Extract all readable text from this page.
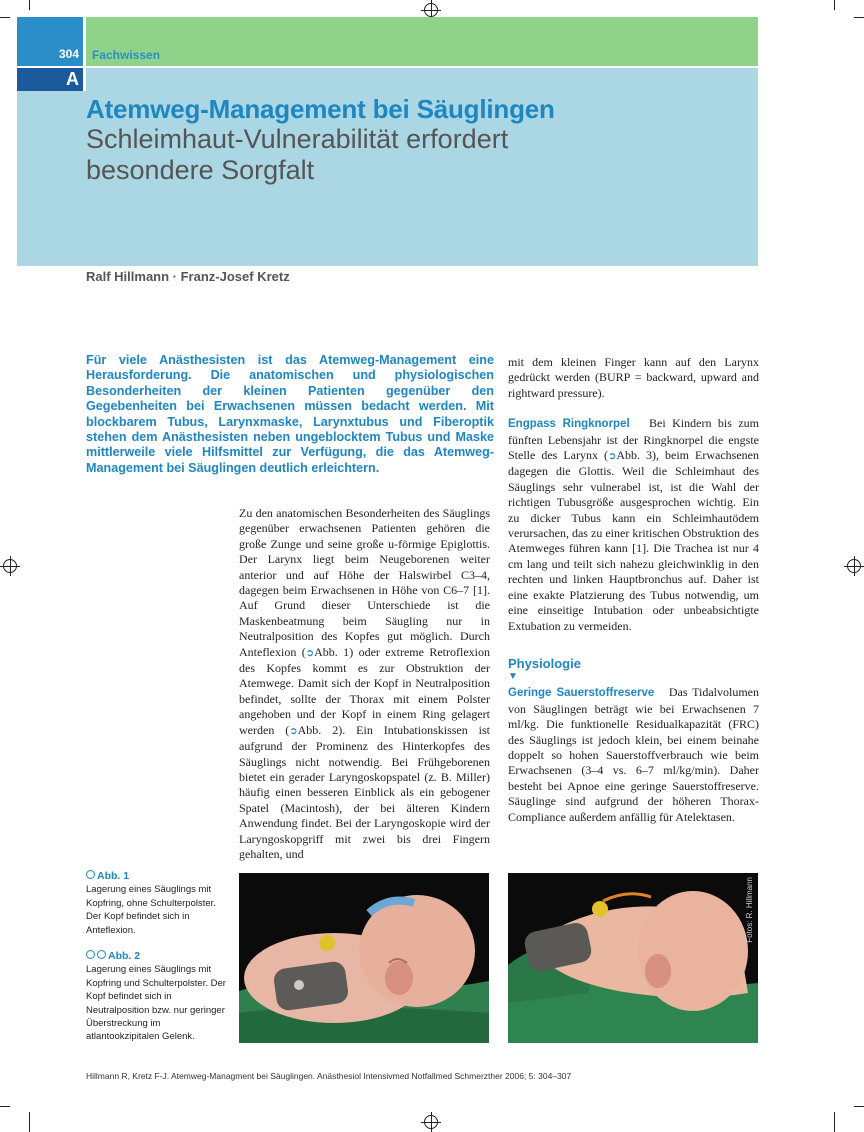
304 Fachwissen
A
Atemweg-Management bei Säuglingen
Schleimhaut-Vulnerabilität erfordert
besondere Sorgfalt
Ralf Hillmann · Franz-Josef Kretz
Für viele Anästhesisten ist das Atemweg-Management eine Herausforderung. Die anatomischen und physiologischen Besonderheiten der kleinen Patienten gegenüber den Gegebenheiten bei Erwachsenen müssen bedacht werden. Mit blockbarem Tubus, Larynxmaske, Larynxtubus und Fiberoptik stehen dem Anästhesisten neben ungeblocktem Tubus und Maske mittlerweile viele Hilfsmittel zur Verfügung, die das Atemweg-Management bei Säuglingen deutlich erleichtern.

Zu den anatomischen Besonderheiten des Säuglings gegenüber erwachsenen Patienten gehören die große Zunge und seine große u-förmige Epiglottis. Der Larynx liegt beim Neugeborenen weiter anterior und auf Höhe der Halswirbel C3–4, dagegen beim Erwachsenen in Höhe von C6–7 [1]. Auf Grund dieser Unterschiede ist die Maskenbeatmung beim Säugling nur in Neutralposition des Kopfes gut möglich. Durch Anteflexion (➲Abb. 1) oder extreme Retroflexion des Kopfes kommt es zur Obstruktion der Atemwege. Damit sich der Kopf in Neutralposition befindet, sollte der Thorax mit einem Polster angehoben und der Kopf in einem Ring gelagert werden (➲Abb. 2). Ein Intubationskissen ist aufgrund der Prominenz des Hinterkopfes des Säuglings nicht notwendig. Bei Frühgeborenen bietet ein gerader Laryngoskopspatel (z. B. Miller) häufig einen besseren Einblick als ein gebogener Spatel (Macintosh), der bei älteren Kindern Anwendung findet. Bei der Laryngoskopie wird der Laryngoskopgriff mit zwei bis drei Fingern gehalten, und

mit dem kleinen Finger kann auf den Larynx gedrückt werden (BURP = backward, upward and rightward pressure).

Engpass Ringknorpel Bei Kindern bis zum fünften Lebensjahr ist der Ringknorpel die engste Stelle des Larynx (➲Abb. 3), beim Erwachsenen dagegen die Glottis. Weil die Schleimhaut des Säuglings sehr vulnerabel ist, ist die Wahl der richtigen Tubusgröße ausgesprochen wichtig. Ein zu dicker Tubus kann ein Schleimhautödem verursachen, das zu einer kritischen Obstruktion des Atemweges führen kann [1]. Die Trachea ist nur 4 cm lang und teilt sich nahezu gleichwinklig in den rechten und linken Hauptbronchus auf. Daher ist eine exakte Platzierung des Tubus notwendig, um eine einseitige Intubation oder unbeabsichtigte Extubation zu vermeiden.

Physiologie
▼

Geringe Sauerstoffreserve Das Tidalvolumen von Säuglingen beträgt wie bei Erwachsenen 7 ml/kg. Die funktionelle Residualkapazität (FRC) des Säuglings ist jedoch klein, bei einem beinahe doppelt so hohen Sauerstoffverbrauch wie beim Erwachsenen (3–4 vs. 6–7 ml/kg/min). Daher besteht bei Apnoe eine geringe Sauerstoffreserve. Säuglinge sind aufgrund der höheren Thorax-Compliance außerdem anfällig für Atelektasen.

Abb. 1
Lagerung eines Säuglings mit Kopfring, ohne Schulterpolster. Der Kopf befindet sich in Anteflexion.
Abb. 2
Lagerung eines Säuglings mit Kopfring und Schulterpolster. Der Kopf befindet sich in Neutralposition bzw. nur geringer Überstreckung im atlantookzipitalen Gelenk.
Fotos: R. Hillmann
Hillmann R, Kretz F-J. Atemweg-Managment bei Säuglingen. Anästhesiol Intensivmed Notfallmed Schmerzther 2006; 5: 304–307
